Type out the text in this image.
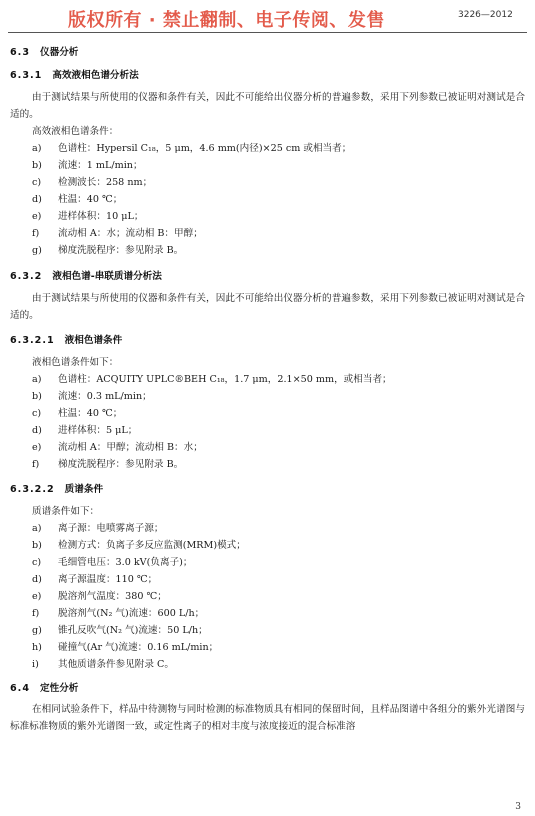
版权所有 · 禁止翻制、电子传阅、发售	3226—2012
6.3 仪器分析
6.3.1 高效液相色谱分析法

由于测试结果与所使用的仪器和条件有关，因此不可能给出仪器分析的普遍参数，采用下列参数已被证明对测试是合适的。

高效液相色谱条件：
a) 色谱柱：Hypersil C₁₈，5 μm，4.6 mm(内径)×25 cm 或相当者；
b) 流速：1 mL/min；
c) 检测波长：258 nm；
d) 柱温：40 ℃；
e) 进样体积：10 μL；
f) 流动相 A：水；流动相 B：甲醇；
g) 梯度洗脱程序：参见附录 B。
6.3.2 液相色谱-串联质谱分析法

由于测试结果与所使用的仪器和条件有关，因此不可能给出仪器分析的普遍参数，采用下列参数已被证明对测试是合适的。

6.3.2.1 液相色谱条件
液相色谱条件如下：
a) 色谱柱：ACQUITY UPLC®BEH C₁₈，1.7 μm，2.1×50 mm，或相当者；
b) 流速：0.3 mL/min；
c) 柱温：40 ℃；
d) 进样体积：5 μL；
e) 流动相 A：甲醇；流动相 B：水；
f) 梯度洗脱程序：参见附录 B。
6.3.2.2 质谱条件
质谱条件如下：
a) 离子源：电喷雾离子源；
b) 检测方式：负离子多反应监测(MRM)模式；
c) 毛细管电压：3.0 kV(负离子)；
d) 离子源温度：110 ℃；
e) 脱溶剂气温度：380 ℃；
f) 脱溶剂气(N₂ 气)流速：600 L/h；
g) 锥孔反吹气(N₂ 气)流速：50 L/h；
h) 碰撞气(Ar 气)流速：0.16 mL/min；
i) 其他质谱条件参见附录 C。
6.4 定性分析

在相同试验条件下，样品中待测物与同时检测的标准物质具有相同的保留时间，且样品图谱中各组分的紫外光谱图与标准标准物质的紫外光谱图一致，或定性离子的相对丰度与浓度接近的混合标准溶

3
